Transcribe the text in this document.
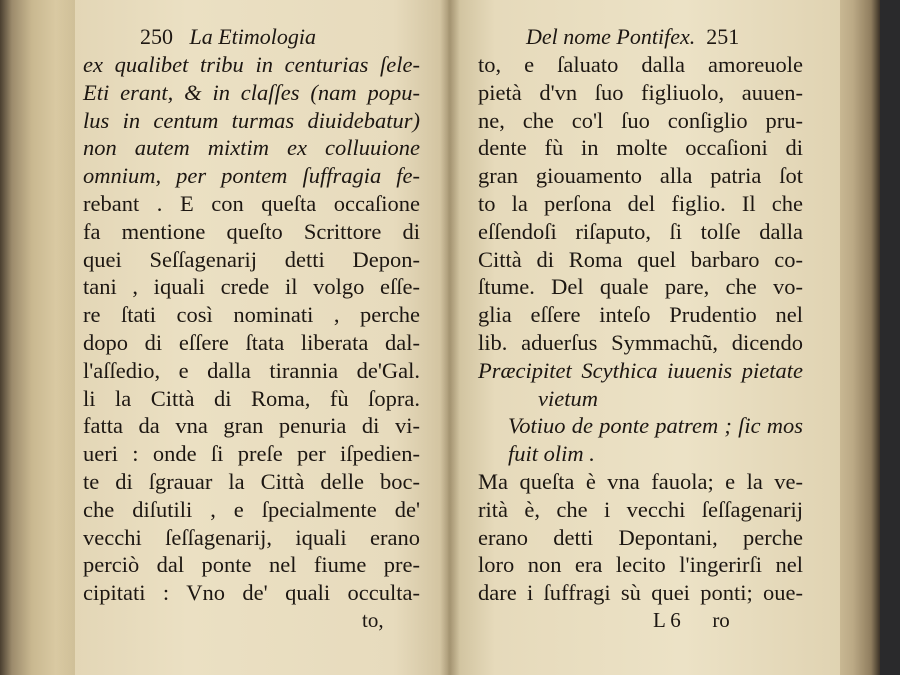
250 La Etimologia
ex qualibet tribu in centurias ſele-
Eti erant, & in claſſes (nam popu-
lus in centum turmas diuidebatur)
non autem mixtim ex colluuione
omnium, per pontem ſuffragia fe-
rebant . E con queſta occaſione
fa mentione queſto Scrittore di
quei Seſſagenarij detti Depon-
tani , iquali crede il volgo eſſe-
re ſtati così nominati , perche
dopo di eſſere ſtata liberata dal-
l'aſſedio, e dalla tirannia de'Gal.
li la Città di Roma, fù ſopra.
fatta da vna gran penuria di vi-
ueri : onde ſi preſe per iſpedien-
te di ſgrauar la Città delle boc-
che diſutili , e ſpecialmente de'
vecchi ſeſſagenarij, iquali erano
perciò dal ponte nel fiume pre-
cipitati : Vno de' quali occulta-
to,
Del nome Pontifex. 251
to, e ſaluato dalla amoreuole
pietà d'vn ſuo figliuolo, auuen-
ne, che co'l ſuo conſiglio pru-
dente fù in molte occaſioni di
gran giouamento alla patria ſot
to la perſona del figlio. Il che
eſſendoſi riſaputo, ſi tolſe dalla
Città di Roma quel barbaro co-
ſtume. Del quale pare, che vo-
glia eſſere inteſo Prudentio nel
lib. aduerſus Symmachũ, dicendo
Præcipitet Scythica iuuenis pietate
vietum
Votiuo de ponte patrem ; ſic mos
fuit olim .
Ma queſta è vna fauola; e la ve-
rità è, che i vecchi ſeſſagenarij
erano detti Depontani, perche
loro non era lecito l'ingerirſi nel
dare i ſuffragi sù quei ponti; oue-
L 6 ro
